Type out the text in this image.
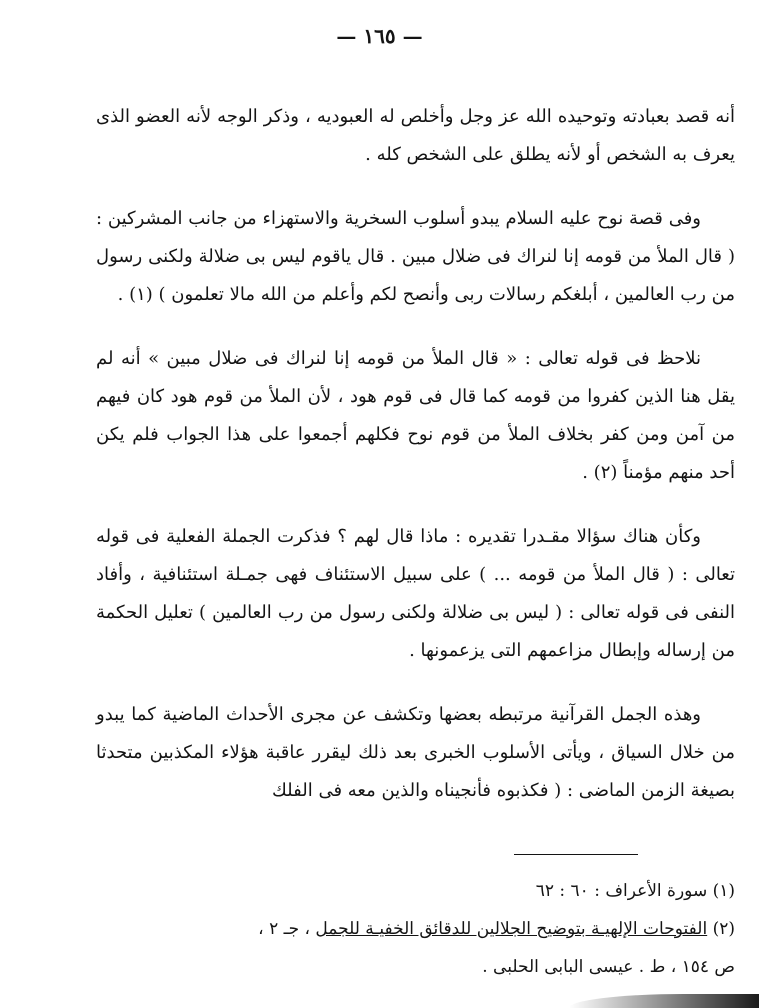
— ١٦٥ —

أنه قصد بعبادته وتوحيده الله عز وجل وأخلص له العبوديه ، وذكر الوجه لأنه العضو الذى يعرف به الشخص أو لأنه يطلق على الشخص كله .

وفى قصة نوح عليه السلام يبدو أسلوب السخرية والاستهزاء من جانب المشركين : ( قال الملأ من قومه إنا لنراك فى ضلال مبين . قال ياقوم ليس بى ضلالة ولكنى رسول من رب العالمين ، أبلغكم رسالات ربى وأنصح لكم وأعلم من الله مالا تعلمون ) (١) .

نلاحظ فى قوله تعالى : « قال الملأ من قومه إنا لنراك فى ضلال مبين » أنه لم يقل هنا الذين كفروا من قومه كما قال فى قوم هود ، لأن الملأ من قوم هود كان فيهم من آمن ومن كفر بخلاف الملأ من قوم نوح فكلهم أجمعوا على هذا الجواب فلم يكن أحد منهم مؤمناً (٢) .

وكأن هناك سؤالا مقـدرا تقديره : ماذا قال لهم ؟ فذكرت الجملة الفعلية فى قوله تعالى : ( قال الملأ من قومه ... ) على سبيل الاستئناف فهى جمـلة استئنافية ، وأفاد النفى فى قوله تعالى : ( ليس بى ضلالة ولكنى رسول من رب العالمين ) تعليل الحكمة من إرساله وإبطال مزاعمهم التى يزعمونها .

وهذه الجمل القرآنية مرتبطه بعضها وتكشف عن مجرى الأحداث الماضية كما يبدو من خلال السياق ، ويأتى الأسلوب الخبرى بعد ذلك ليقرر عاقبة هؤلاء المكذبين متحدثا بصيغة الزمن الماضى : ( فكذبوه فأنجيناه والذين معه فى الفلك

(١) سورة الأعراف : ٦٠ : ٦٢

(٢) الفتوحات الإلهيـة بتوضيح الجلالين للدقائق الخفيـة للجمل ، جـ ٢ ،

ص ١٥٤ ، ط . عيسى البابى الحلبى .
